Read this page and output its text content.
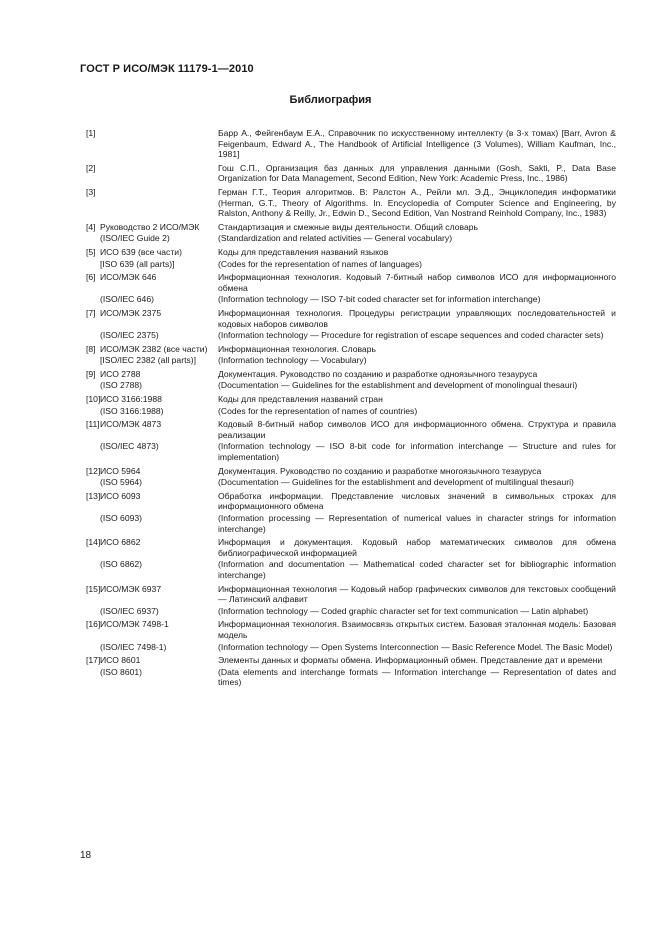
ГОСТ Р ИСО/МЭК 11179-1—2010
Библиография
[1]	Барр А., Фейгенбаум Е.А., Справочник по искусственному интеллекту (в 3-х томах) [Barr, Avron & Feigenbaum, Edward A., The Handbook of Artificial Intelligence (3 Volumes), William Kaufman, Inc., 1981]
[2]	Гош С.П., Организация баз данных для управления данными (Gosh, Sakti, P., Data Base Organization for Data Management, Second Edition, New York: Academic Press, Inc., 1986)
[3]	Герман Г.Т., Теория алгоритмов. В: Ралстон А., Рейли мл. Э.Д., Энциклопедия информатики (Herman, G.T., Theory of Algorithms. In. Encyclopedia of Computer Science and Engineering, by Ralston, Anthony & Reilly, Jr., Edwin D., Second Edition, Van Nostrand Reinhold Company, Inc., 1983)
[4] Руководство 2 ИСО/МЭК	Стандартизация и смежные виды деятельности. Общий словарь
(ISO/IEC Guide 2)	(Standardization and related activities — General vocabulary)
[5] ИСО 639 (все части)	Коды для представления названий языков
[ISO 639 (all parts)]	(Codes for the representation of names of languages)
[6] ИСО/МЭК 646	Информационная технология. Кодовый 7-битный набор символов ИСО для информационного обмена
(ISO/IEC 646)	(Information technology — ISO 7-bit coded character set for information interchange)
[7] ИСО/МЭК 2375	Информационная технология. Процедуры регистрации управляющих последовательностей и кодовых наборов символов
(ISO/IEC 2375)	(Information technology — Procedure for registration of escape sequences and coded character sets)
[8] ИСО/МЭК 2382 (все части)	Информационная технология. Словарь
[ISO/IEC 2382 (all parts)]	(Information technology — Vocabulary)
[9] ИСО 2788	Документация. Руководство по созданию и разработке одноязычного тезауруса
(ISO 2788)	(Documentation — Guidelines for the establishment and development of monolingual thesauri)
[10] ИСО 3166:1988	Коды для представления названий стран
(ISO 3166:1988)	(Codes for the representation of names of countries)
[11] ИСО/МЭК 4873	Кодовый 8-битный набор символов ИСО для информационного обмена. Структура и правила реализации
(ISO/IEC 4873)	(Information technology — ISO 8-bit code for information interchange — Structure and rules for implementation)
[12] ИСО 5964	Документация. Руководство по созданию и разработке многоязычного тезауруса
(ISO 5964)	(Documentation — Guidelines for the establishment and development of multilingual thesauri)
[13] ИСО 6093	Обработка информации. Представление числовых значений в символьных строках для информационного обмена
(ISO 6093)	(Information processing — Representation of numerical values in character strings for information interchange)
[14] ИСО 6862	Информация и документация. Кодовый набор математических символов для обмена библиографической информацией
(ISO 6862)	(Information and documentation — Mathematical coded character set for bibliographic information interchange)
[15] ИСО/МЭК 6937	Информационная технология — Кодовый набор графических символов для текстовых сообщений — Латинский алфавит
(ISO/IEC 6937)	(Information technology — Coded graphic character set for text communication — Latin alphabet)
[16] ИСО/МЭК 7498-1	Информационная технология. Взаимосвязь открытых систем. Базовая эталонная модель: Базовая модель
(ISO/IEC 7498-1)	(Information technology — Open Systems Interconnection — Basic Reference Model. The Basic Model)
[17] ИСО 8601	Элементы данных и форматы обмена. Информационный обмен. Представление дат и времени
(ISO 8601)	(Data elements and interchange formats — Information interchange — Representation of dates and times)
18
